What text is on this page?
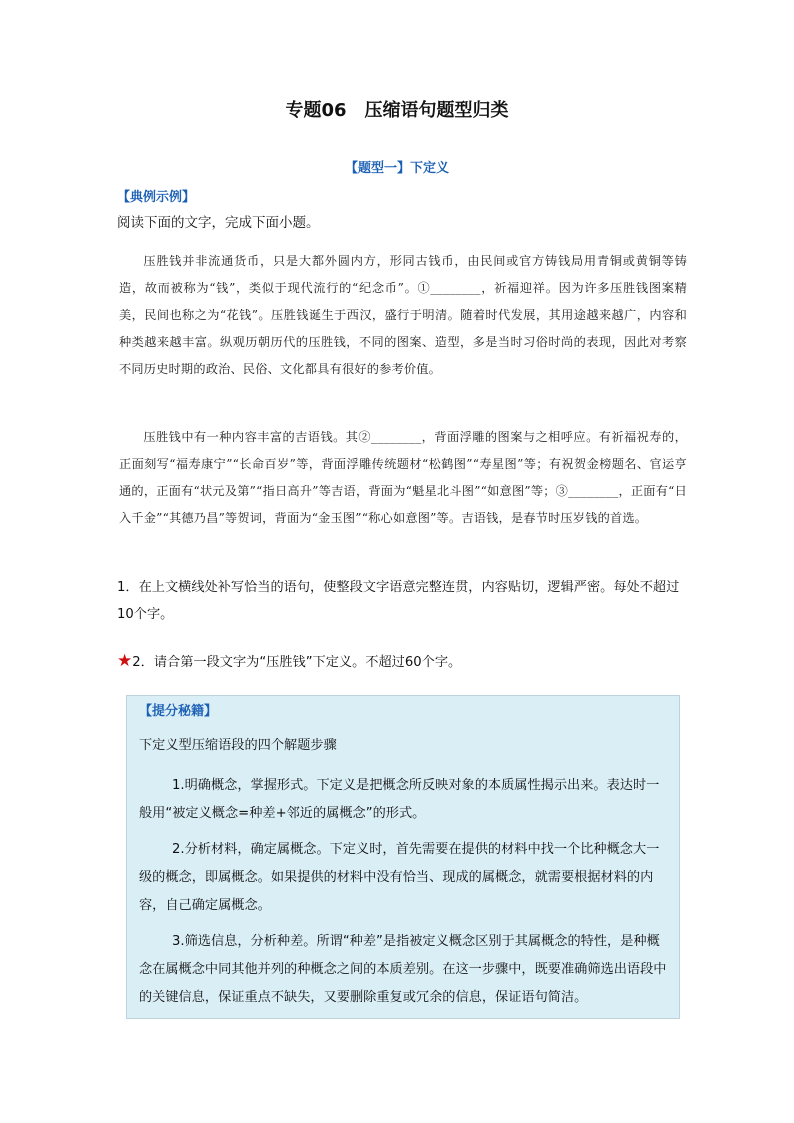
专题06　压缩语句题型归类
【题型一】下定义
【典例示例】
阅读下面的文字，完成下面小题。

压胜钱并非流通货币，只是大都外圆内方，形同古钱币，由民间或官方铸钱局用青铜或黄铜等铸造，故而被称为“钱”，类似于现代流行的“纪念币”。①________，祈福迎祥。因为许多压胜钱图案精美，民间也称之为“花钱”。压胜钱诞生于西汉，盛行于明清。随着时代发展，其用途越来越广，内容和种类越来越丰富。纵观历朝历代的压胜钱，不同的图案、造型，多是当时习俗时尚的表现，因此对考察不同历史时期的政治、民俗、文化都具有很好的参考价值。

压胜钱中有一种内容丰富的吉语钱。其②________，背面浮雕的图案与之相呼应。有祈福祝寿的，正面刻写“福寿康宁”“长命百岁”等，背面浮雕传统题材“松鹤图”“寿星图”等；有祝贺金榜题名、官运亨通的，正面有“状元及第”“指日高升”等吉语，背面为“魁星北斗图”“如意图”等；③________，正面有“日入千金”“其德乃昌”等贺词，背面为“金玉图”“称心如意图”等。吉语钱，是春节时压岁钱的首选。

1．在上文横线处补写恰当的语句，使整段文字语意完整连贯，内容贴切，逻辑严密。每处不超过10个字。

★2．请合第一段文字为“压胜钱”下定义。不超过60个字。

【提分秘籍】
下定义型压缩语段的四个解题步骤

1.明确概念，掌握形式。下定义是把概念所反映对象的本质属性揭示出来。表达时一般用“被定义概念=种差+邻近的属概念”的形式。

2.分析材料，确定属概念。下定义时，首先需要在提供的材料中找一个比种概念大一级的概念，即属概念。如果提供的材料中没有恰当、现成的属概念，就需要根据材料的内容，自己确定属概念。

3.筛选信息，分析种差。所谓“种差”是指被定义概念区别于其属概念的特性，是种概念在属概念中同其他并列的种概念之间的本质差别。在这一步骤中，既要准确筛选出语段中的关键信息，保证重点不缺失，又要删除重复或冗余的信息，保证语句简洁。
